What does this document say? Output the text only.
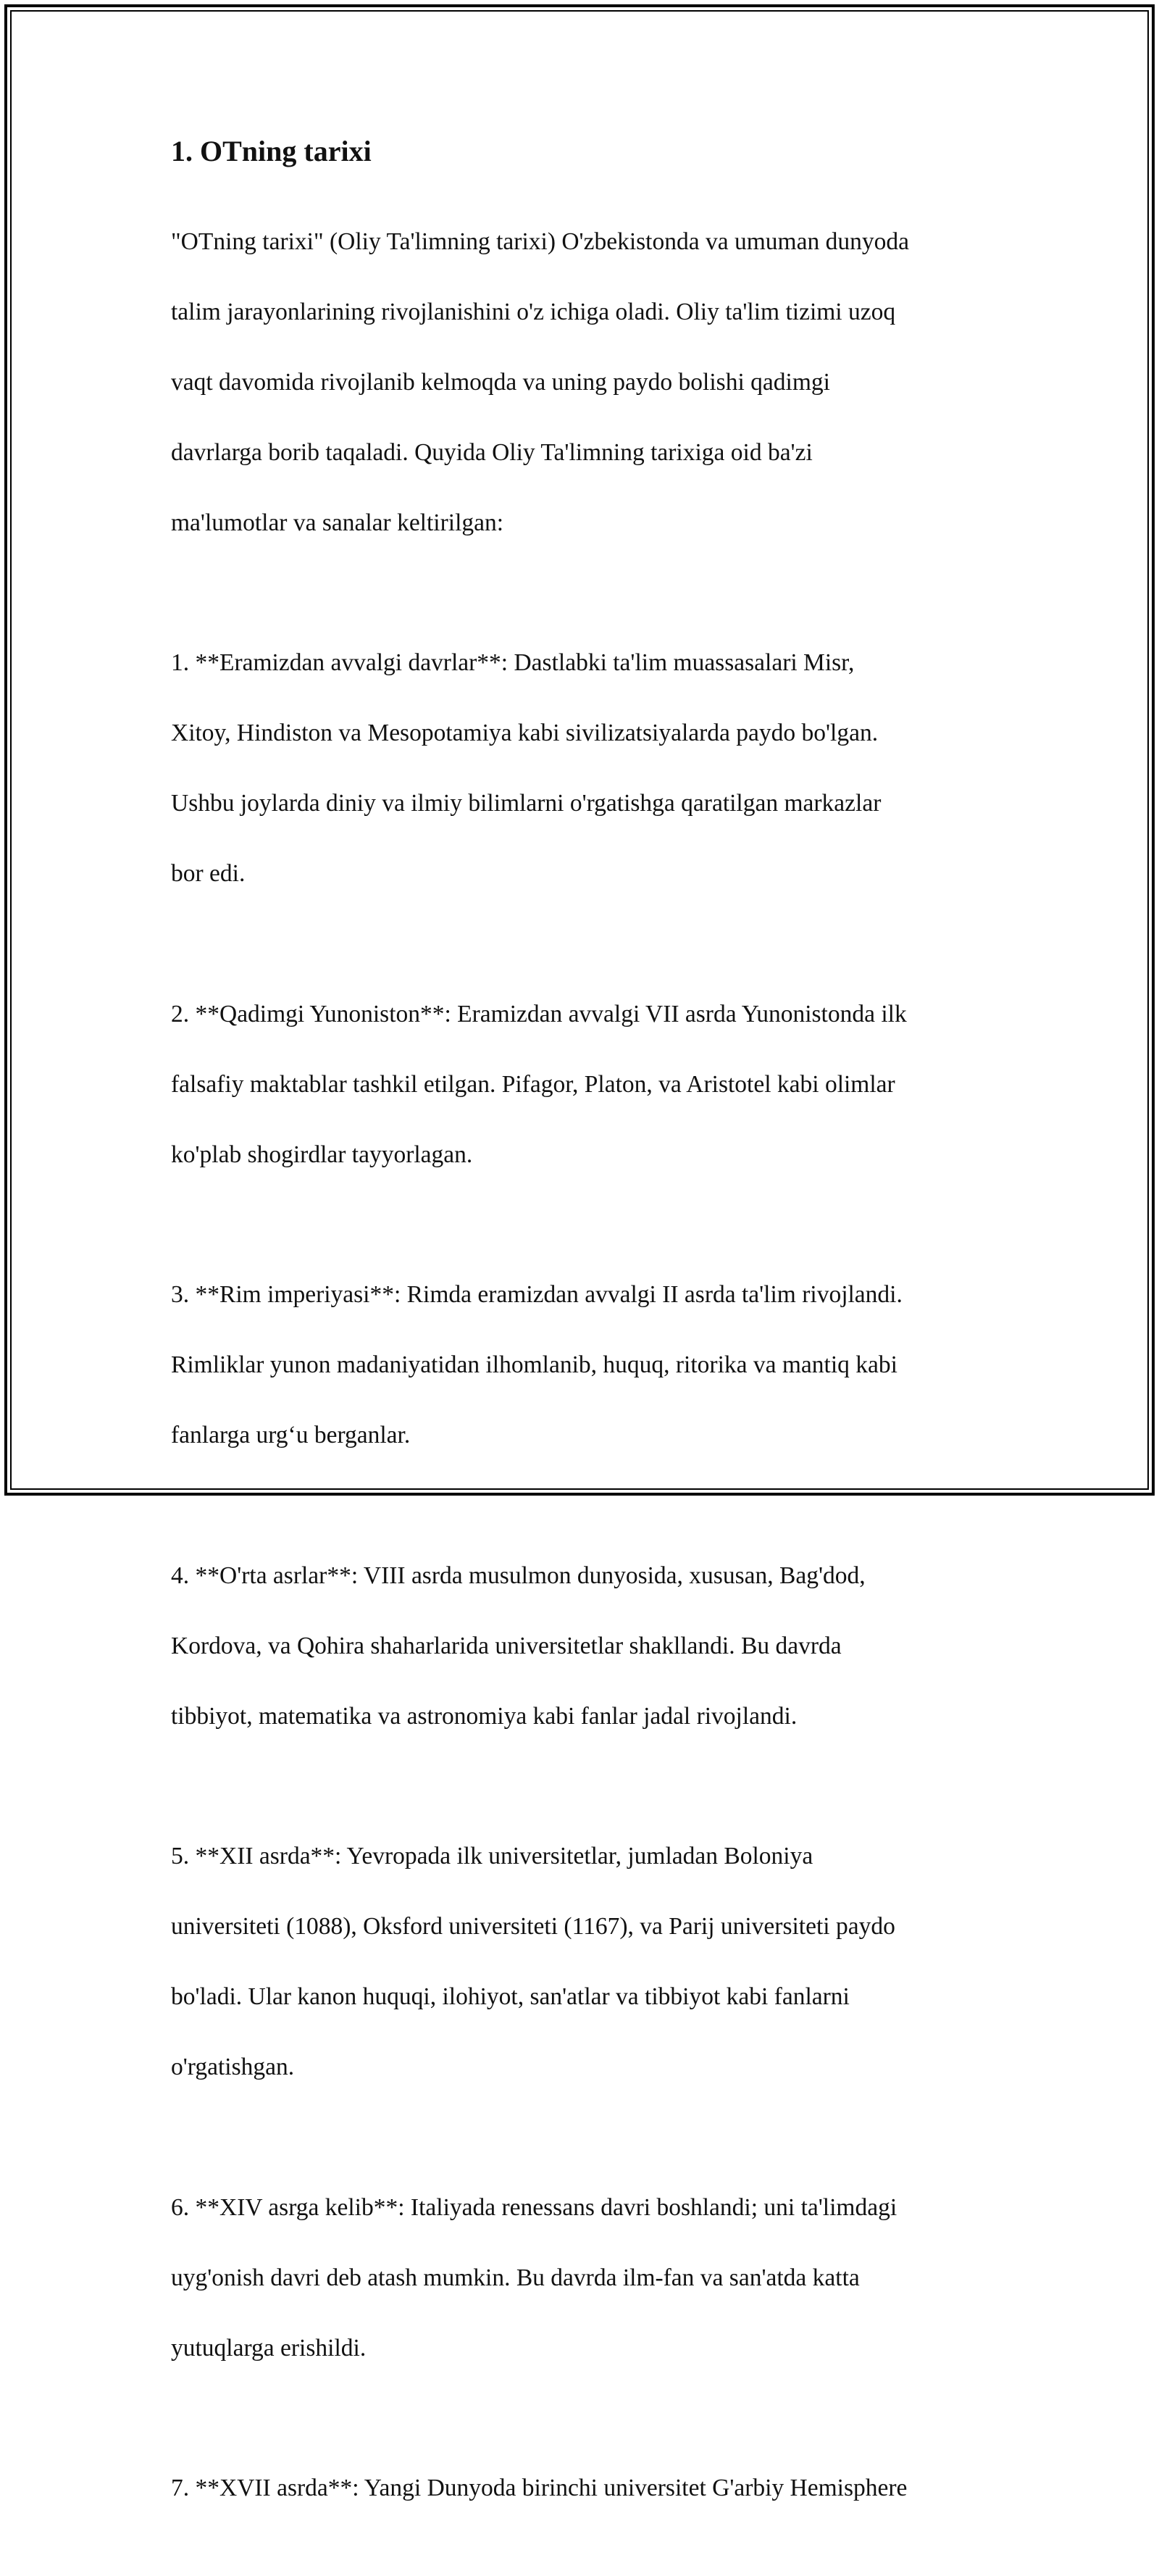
1. OTning tarixi

"OTning tarixi" (Oliy Ta'limning tarixi) O'zbekistonda va umuman dunyoda

talim jarayonlarining rivojlanishini o'z ichiga oladi. Oliy ta'lim tizimi uzoq

vaqt davomida rivojlanib kelmoqda va uning paydo bolishi qadimgi

davrlarga borib taqaladi. Quyida Oliy Ta'limning tarixiga oid ba'zi

ma'lumotlar va sanalar keltirilgan:

1. **Eramizdan avvalgi davrlar**: Dastlabki ta'lim muassasalari Misr,

Xitoy, Hindiston va Mesopotamiya kabi sivilizatsiyalarda paydo bo'lgan.

Ushbu joylarda diniy va ilmiy bilimlarni o'rgatishga qaratilgan markazlar

bor edi.

2. **Qadimgi Yunoniston**: Eramizdan avvalgi VII asrda Yunonistonda ilk

falsafiy maktablar tashkil etilgan. Pifagor, Platon, va Aristotel kabi olimlar

ko'plab shogirdlar tayyorlagan.

3. **Rim imperiyasi**: Rimda eramizdan avvalgi II asrda ta'lim rivojlandi.

Rimliklar yunon madaniyatidan ilhomlanib, huquq, ritorika va mantiq kabi

fanlarga urg‘u berganlar.

4. **O'rta asrlar**: VIII asrda musulmon dunyosida, xususan, Bag'dod,

Kordova, va Qohira shaharlarida universitetlar shakllandi. Bu davrda

tibbiyot, matematika va astronomiya kabi fanlar jadal rivojlandi.

5. **XII asrda**: Yevropada ilk universitetlar, jumladan Boloniya

universiteti (1088), Oksford universiteti (1167), va Parij universiteti paydo

bo'ladi. Ular kanon huquqi, ilohiyot, san'atlar va tibbiyot kabi fanlarni

o'rgatishgan.

6. **XIV asrga kelib**: Italiyada renessans davri boshlandi; uni ta'limdagi

uyg'onish davri deb atash mumkin. Bu davrda ilm-fan va san'atda katta

yutuqlarga erishildi.

7. **XVII asrda**: Yangi Dunyoda birinchi universitet G'arbiy Hemisphere
